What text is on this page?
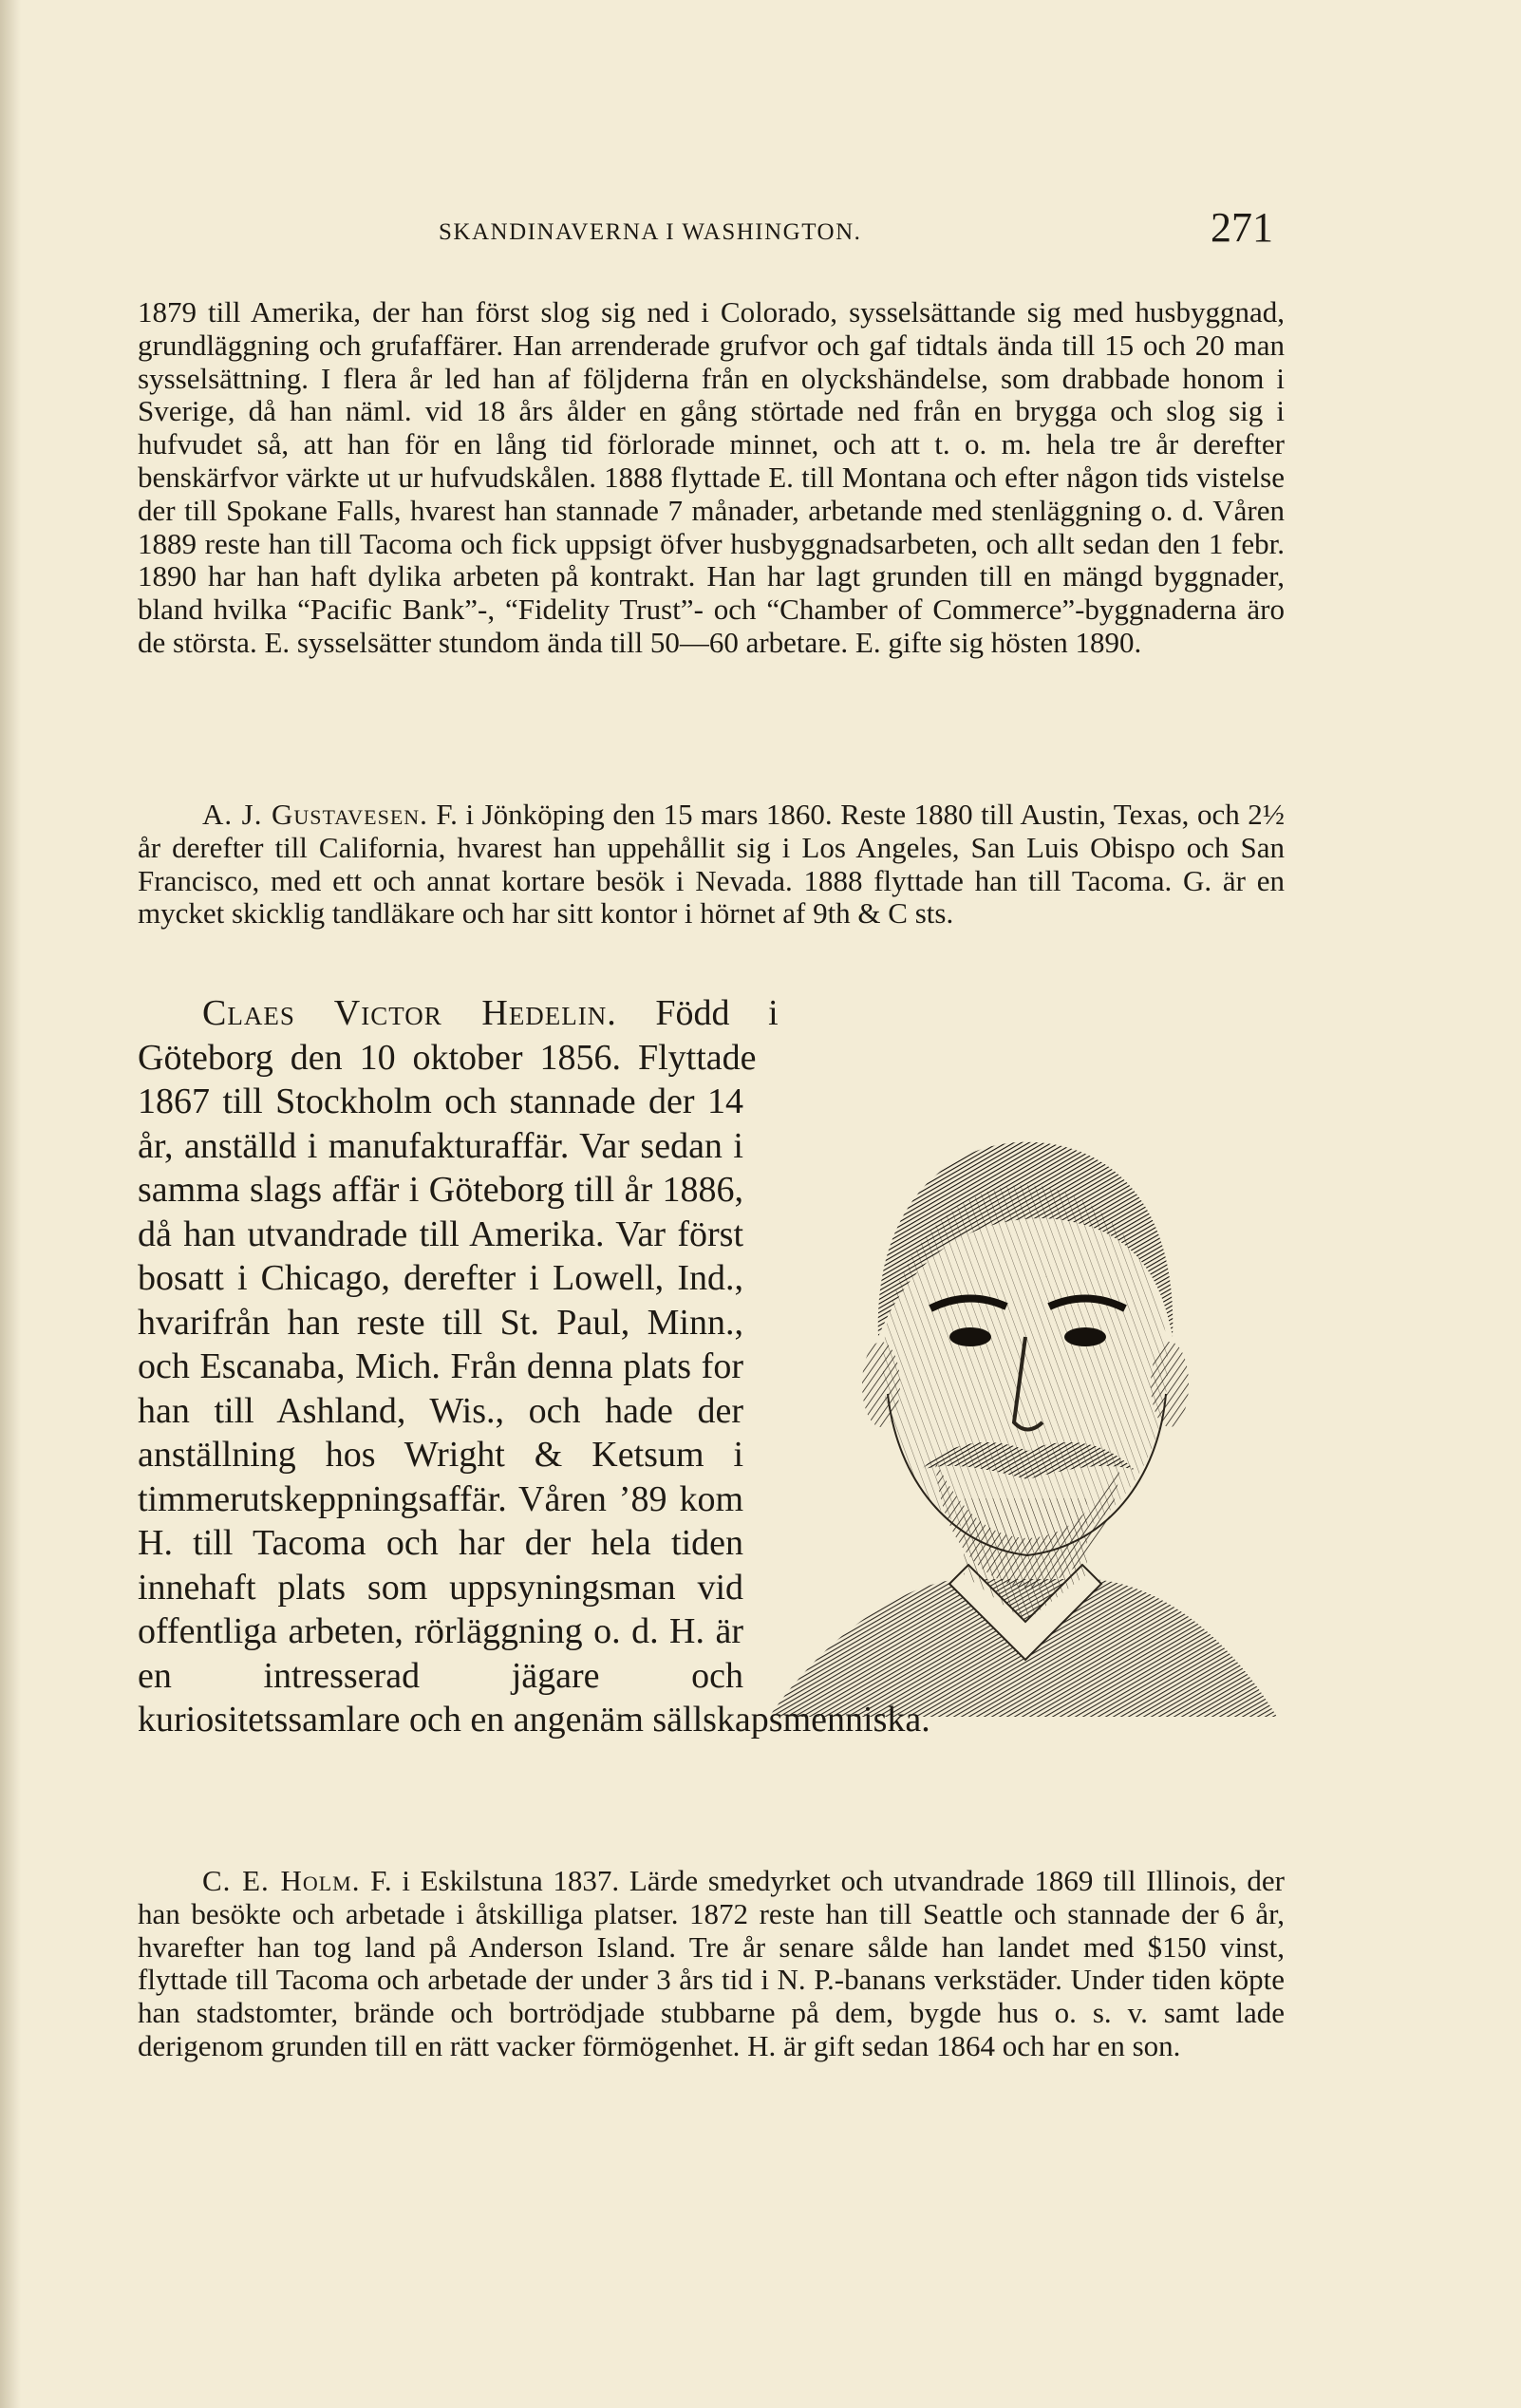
SKANDINAVERNA I WASHINGTON.	271

1879 till Amerika, der han först slog sig ned i Colorado, sysselsättande sig med husbyggnad, grundläggning och grufaffärer. Han arrenderade grufvor och gaf tidtals ända till 15 och 20 man sysselsättning. I flera år led han af följderna från en olyckshändelse, som drabbade honom i Sverige, då han näml. vid 18 års ålder en gång störtade ned från en brygga och slog sig i hufvudet så, att han för en lång tid förlorade minnet, och att t. o. m. hela tre år derefter benskärfvor värkte ut ur hufvudskålen. 1888 flyttade E. till Montana och efter någon tids vistelse der till Spokane Falls, hvarest han stannade 7 månader, arbetande med stenläggning o. d. Våren 1889 reste han till Tacoma och fick uppsigt öfver husbyggnadsarbeten, och allt sedan den 1 febr. 1890 har han haft dylika arbeten på kontrakt. Han har lagt grunden till en mängd byggnader, bland hvilka “Pacific Bank”-, “Fidelity Trust”- och “Chamber of Commerce”-byggnaderna äro de största. E. sysselsätter stundom ända till 50—60 arbetare. E. gifte sig hösten 1890.

A. J. Gustavesen. F. i Jönköping den 15 mars 1860. Reste 1880 till Austin, Texas, och 2½ år derefter till California, hvarest han uppehållit sig i Los Angeles, San Luis Obispo och San Francisco, med ett och annat kortare besök i Nevada. 1888 flyttade han till Tacoma. G. är en mycket skicklig tandläkare och har sitt kontor i hörnet af 9th & C sts.

Claes Victor Hedelin. Född i Göteborg den 10 oktober 1856. Flyttade 1867 till Stockholm och stannade der 14 år, anställd i manufakturaffär. Var sedan i samma slags affär i Göteborg till år 1886, då han utvandrade till Amerika. Var först bosatt i Chicago, derefter i Lowell, Ind., hvarifrån han reste till St. Paul, Minn., och Escanaba, Mich. Från denna plats for han till Ashland, Wis., och hade der anställning hos Wright & Ketsum i timmerutskeppningsaffär. Våren ’89 kom H. till Tacoma och har der hela tiden innehaft plats som uppsyningsman vid offentliga arbeten, rörläggning o. d. H. är en intresserad jägare och kuriositetssamlare och en angenäm sällskapsmenniska.

C. E. Holm. F. i Eskilstuna 1837. Lärde smedyrket och utvandrade 1869 till Illinois, der han besökte och arbetade i åtskilliga platser. 1872 reste han till Seattle och stannade der 6 år, hvarefter han tog land på Anderson Island. Tre år senare sålde han landet med $150 vinst, flyttade till Tacoma och arbetade der under 3 års tid i N. P.-banans verkstäder. Under tiden köpte han stadstomter, brände och bortrödjade stubbarne på dem, bygde hus o. s. v. samt lade derigenom grunden till en rätt vacker förmögenhet. H. är gift sedan 1864 och har en son.
